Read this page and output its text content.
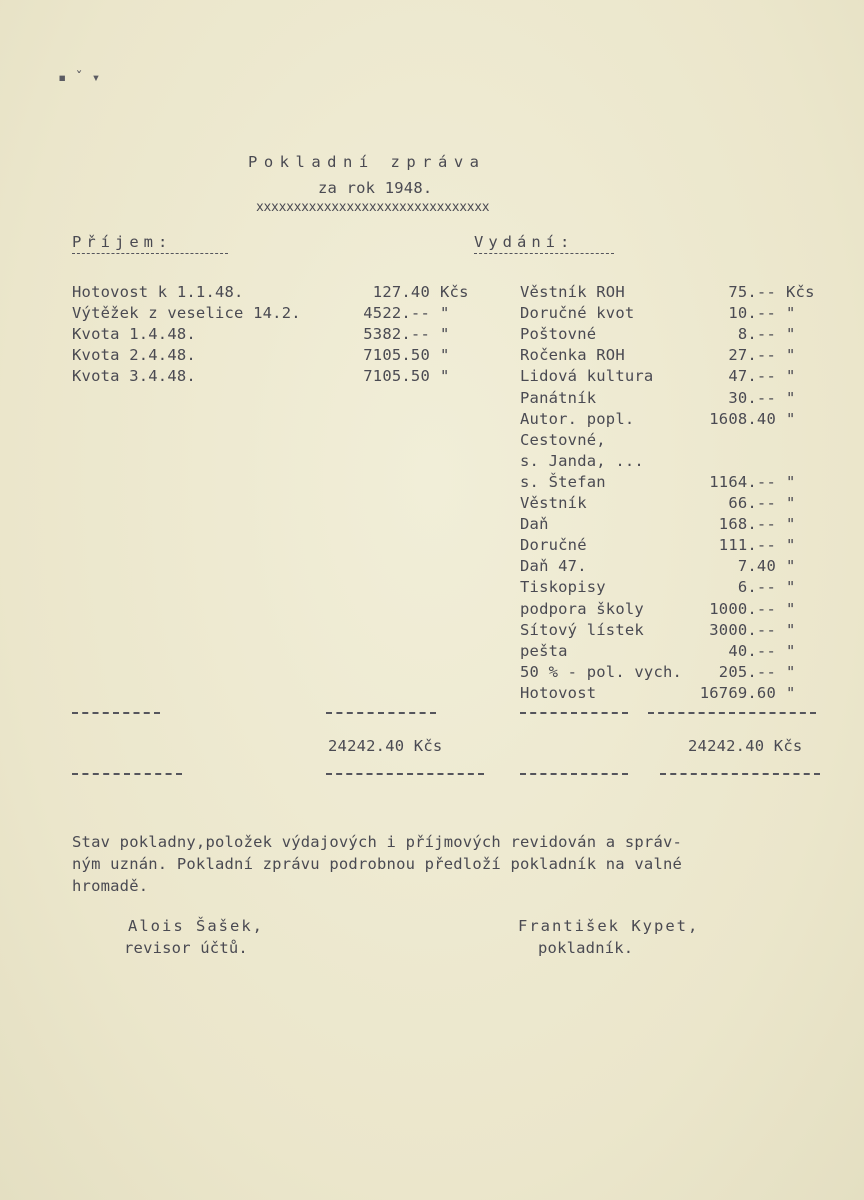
▪ ˇ ▾
Pokladní zpráva
za rok 1948.
xxxxxxxxxxxxxxxxxxxxxxxxxxxxxxx
Příjem:	Vydání:
Hotovost k 1.1.48.	127.40 Kčs
Výtěžek z veselice 14.2.	4522.-- "
Kvota 1.4.48.	5382.-- "
Kvota 2.4.48.	7105.50 "
Kvota 3.4.48.	7105.50 "
Věstník ROH	75.-- Kčs
Doručné kvot	10.-- "
Poštovné	8.-- "
Ročenka ROH	27.-- "
Lidová kultura	47.-- "
Panátník	30.-- "
Autor. popl.	1608.40 "
Cestovné,
s. Janda, ...
s. Štefan	1164.-- "
Věstník	66.-- "
Daň	168.-- "
Doručné	111.-- "
Daň 47.	7.40 "
Tiskopisy	6.-- "
podpora školy	1000.-- "
Sítový lístek	3000.-- "
pešta	40.-- "
50 % - pol. vych.	205.-- "
Hotovost	16769.60 "
24242.40 Kčs	24242.40 Kčs
Stav pokladny,položek výdajových i příjmových revidován a správ-
ným uznán. Pokladní zprávu podrobnou předloží pokladník na valné
hromadě.
Alois Šašek,
revisor účtů.
František Kypet,
pokladník.
